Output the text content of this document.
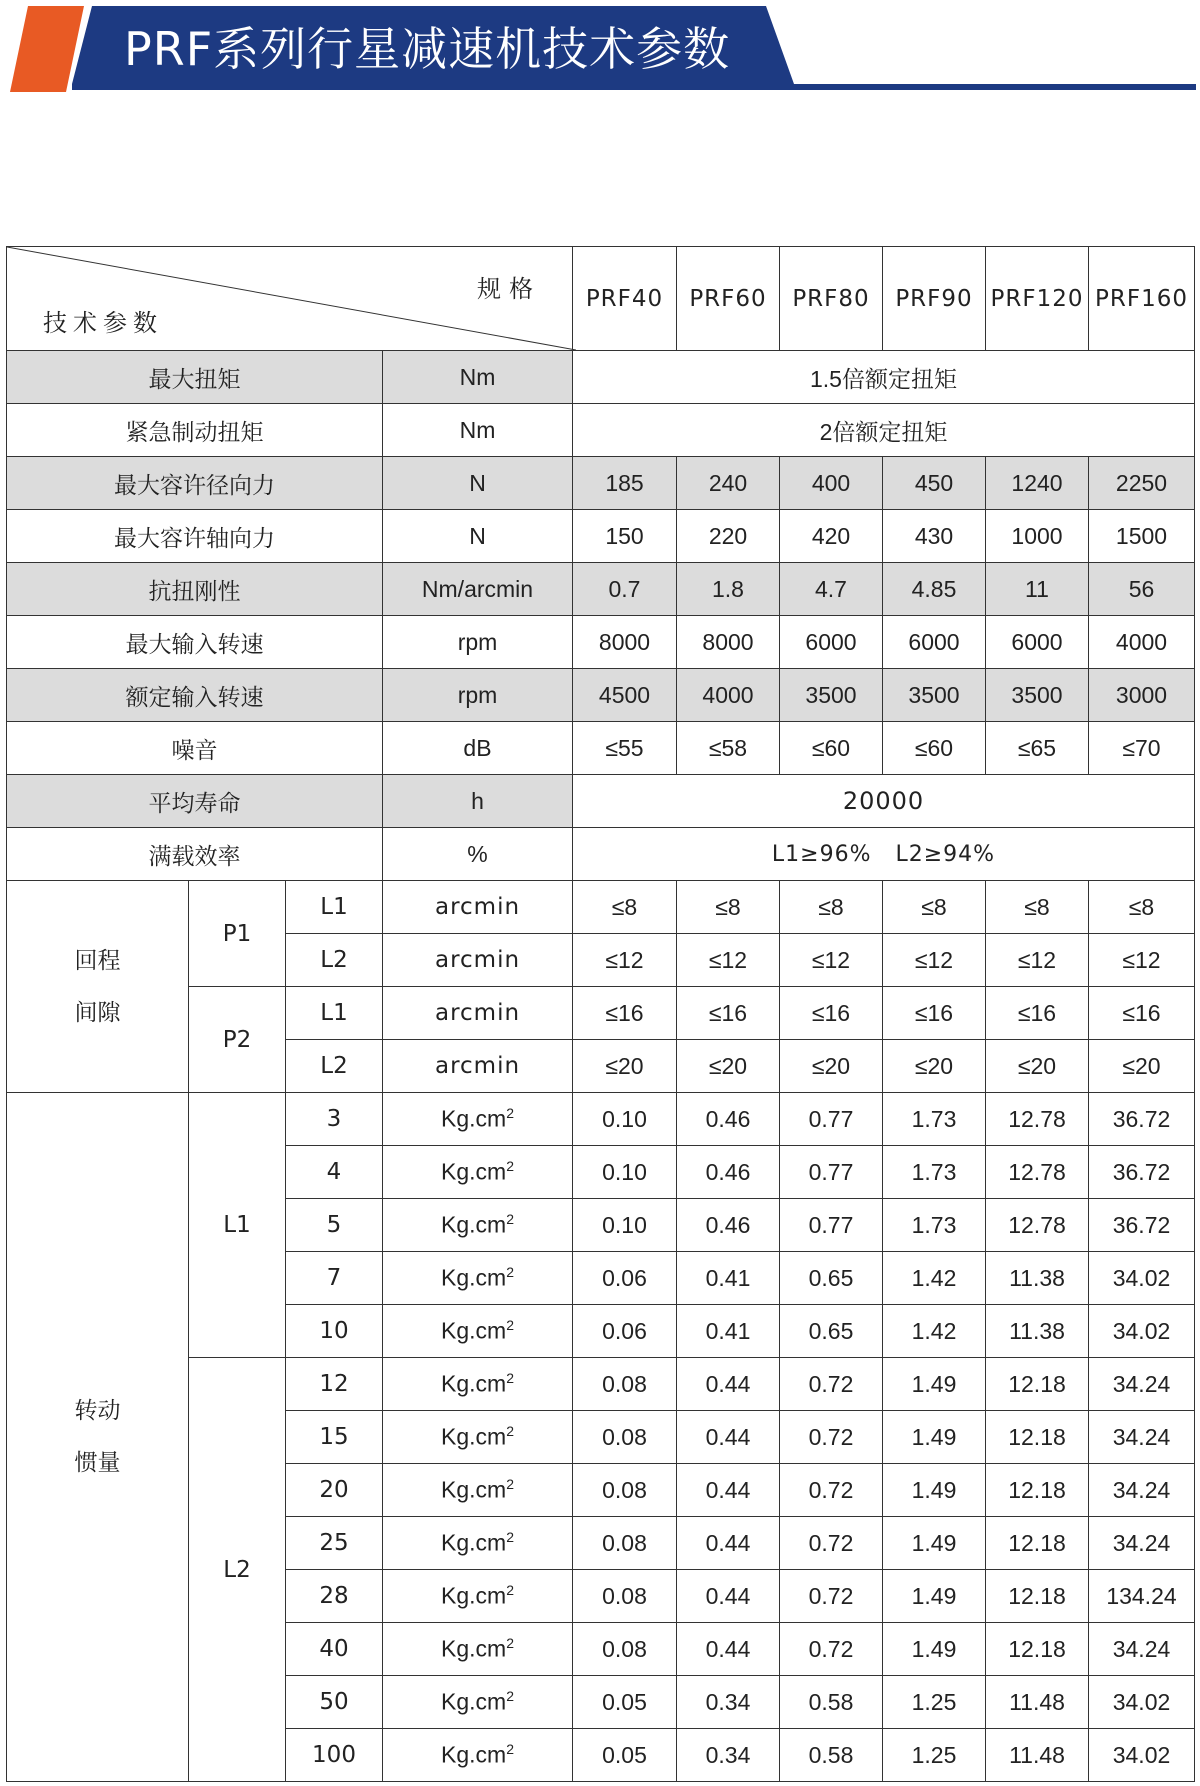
PRF系列行星减速机技术参数
规格
技术参数				PRF40	PRF60	PRF80	PRF90	PRF120	PRF160
最大扭矩			Nm	1.5倍额定扭矩					
紧急制动扭矩			Nm	2倍额定扭矩					
最大容许径向力			N	185	240	400	450	1240	2250
最大容许轴向力			N	150	220	420	430	1000	1500
抗扭刚性			Nm/arcmin	0.7	1.8	4.7	4.85	11	56
最大输入转速			rpm	8000	8000	6000	6000	6000	4000
额定输入转速			rpm	4500	4000	3500	3500	3500	3000
噪音			dB	≤55	≤58	≤60	≤60	≤65	≤70
平均寿命			h	20000					
满载效率			%	L1≥96%   L2≥94%					
回程
间隙	P1	L1	arcmin	≤8	≤8	≤8	≤8	≤8	≤8
		L2	arcmin	≤12	≤12	≤12	≤12	≤12	≤12
	P2	L1	arcmin	≤16	≤16	≤16	≤16	≤16	≤16
		L2	arcmin	≤20	≤20	≤20	≤20	≤20	≤20
转动
惯量	L1	3	$Kg.cm^2$	0.10	0.46	0.77	1.73	12.78	36.72
		4	$Kg.cm^2$	0.10	0.46	0.77	1.73	12.78	36.72
		5	$Kg.cm^2$	0.10	0.46	0.77	1.73	12.78	36.72
		7	$Kg.cm^2$	0.06	0.41	0.65	1.42	11.38	34.02
		10	$Kg.cm^2$	0.06	0.41	0.65	1.42	11.38	34.02
	L2	12	$Kg.cm^2$	0.08	0.44	0.72	1.49	12.18	34.24
		15	$Kg.cm^2$	0.08	0.44	0.72	1.49	12.18	34.24
		20	$Kg.cm^2$	0.08	0.44	0.72	1.49	12.18	34.24
		25	$Kg.cm^2$	0.08	0.44	0.72	1.49	12.18	34.24
		28	$Kg.cm^2$	0.08	0.44	0.72	1.49	12.18	134.24
		40	$Kg.cm^2$	0.08	0.44	0.72	1.49	12.18	34.24
		50	$Kg.cm^2$	0.05	0.34	0.58	1.25	11.48	34.02
		100	$Kg.cm^2$	0.05	0.34	0.58	1.25	11.48	34.02
